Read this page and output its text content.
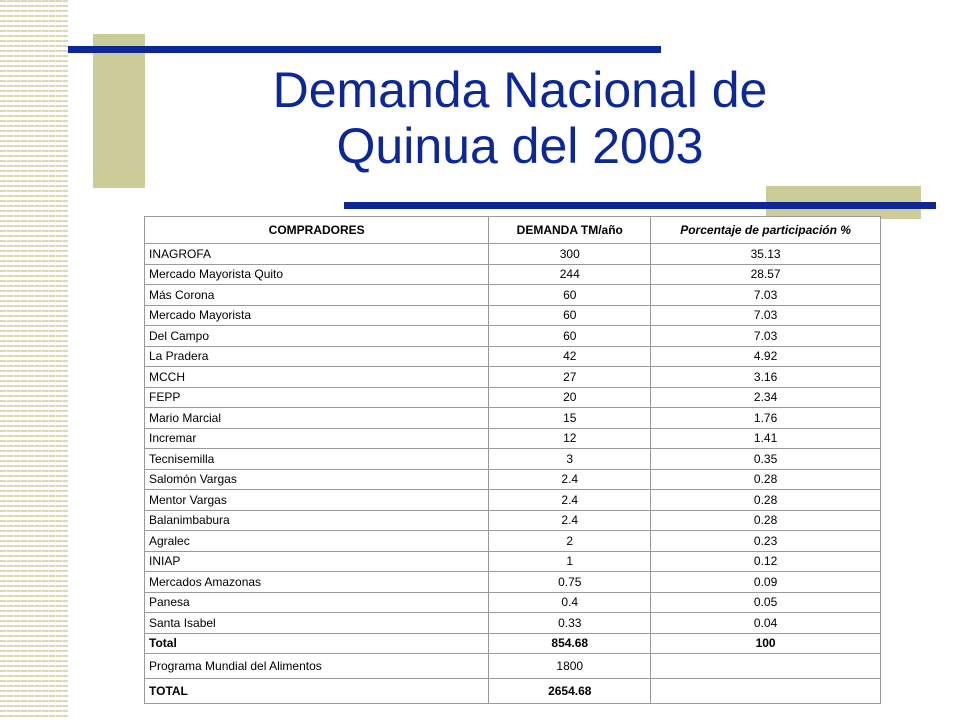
Demanda Nacional de
Quinua del 2003
COMPRADORES	DEMANDA TM/año	Porcentaje de participación %
INAGROFA	300	35.13
Mercado Mayorista Quito	244	28.57
Más Corona	60	7.03
Mercado Mayorista	60	7.03
Del Campo	60	7.03
La Pradera	42	4.92
MCCH	27	3.16
FEPP	20	2.34
Mario Marcial	15	1.76
Incremar	12	1.41
Tecnisemilla	3	0.35
Salomón Vargas	2.4	0.28
Mentor Vargas	2.4	0.28
Balanimbabura	2.4	0.28
Agralec	2	0.23
INIAP	1	0.12
Mercados Amazonas	0.75	0.09
Panesa	0.4	0.05
Santa Isabel	0.33	0.04
Total	854.68	100
Programa Mundial del Alimentos	1800	
TOTAL	2654.68	
